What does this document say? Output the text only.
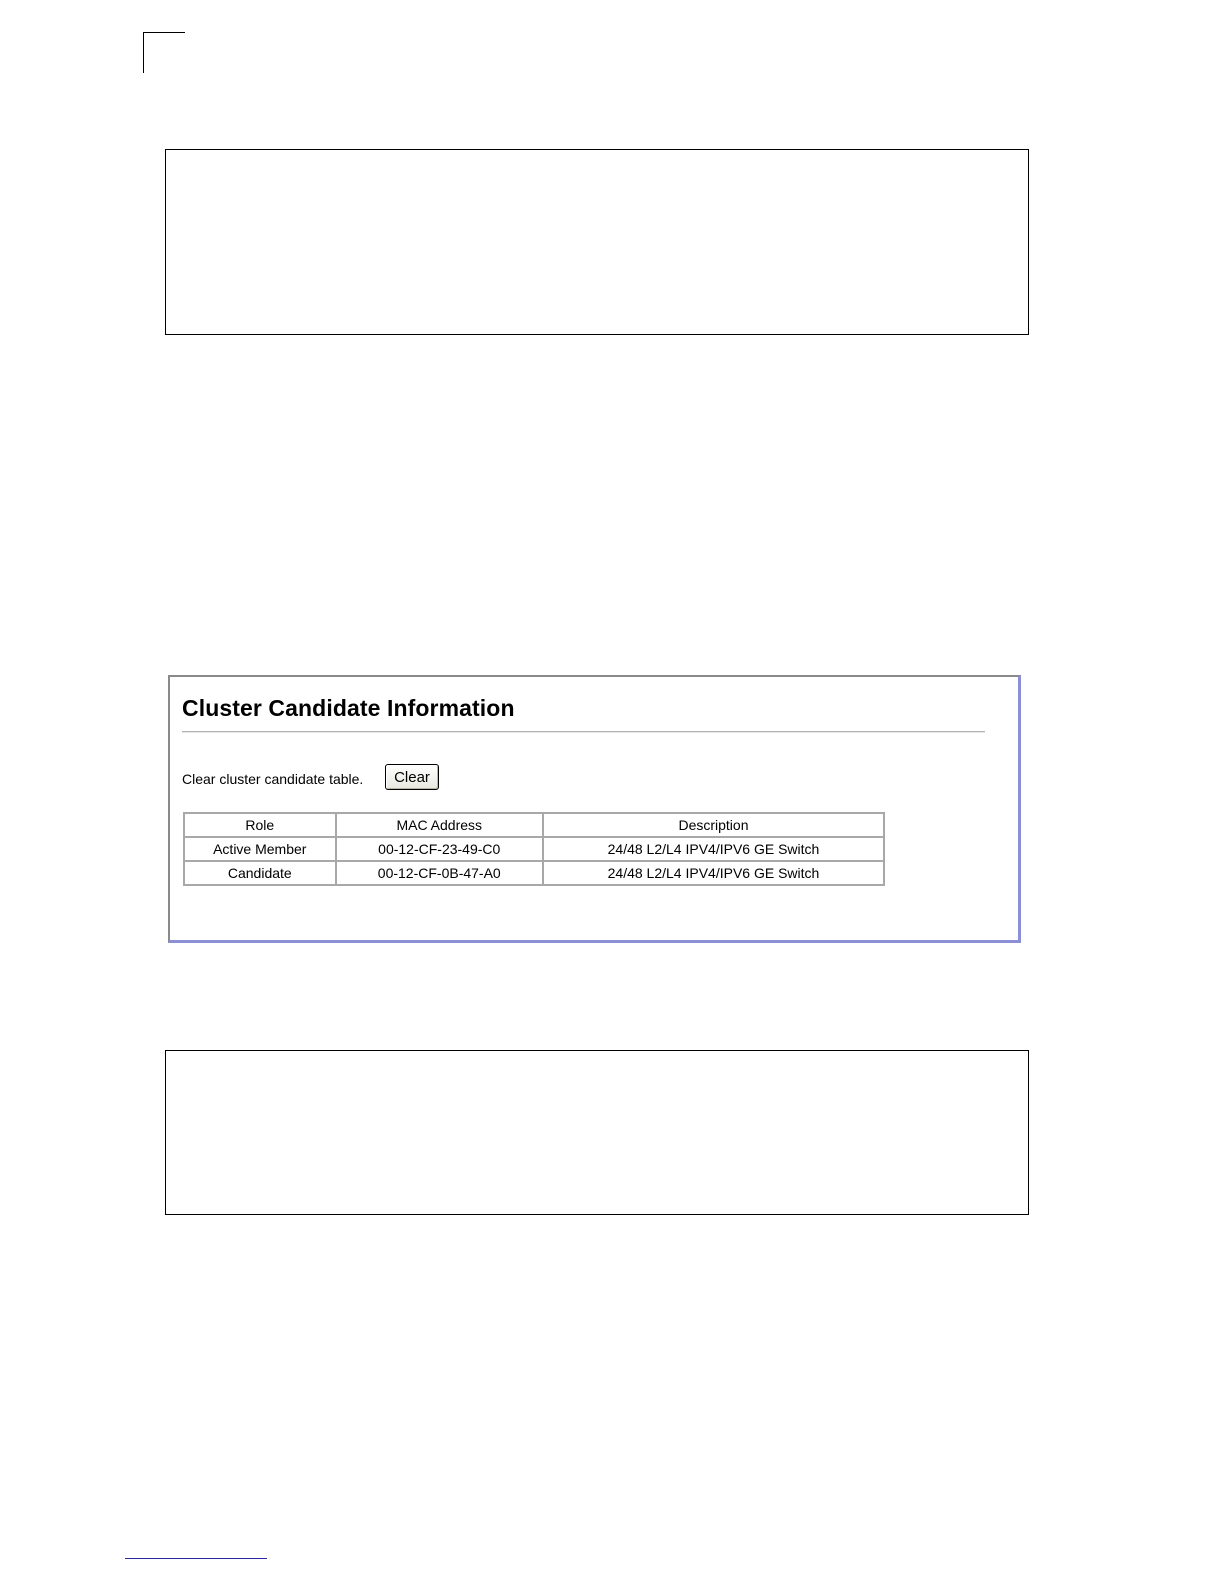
Cluster Candidate Information
Clear cluster candidate table.	Clear
Role	MAC Address	Description
Active Member	00-12-CF-23-49-C0	24/48 L2/L4 IPV4/IPV6 GE Switch
Candidate	00-12-CF-0B-47-A0	24/48 L2/L4 IPV4/IPV6 GE Switch
